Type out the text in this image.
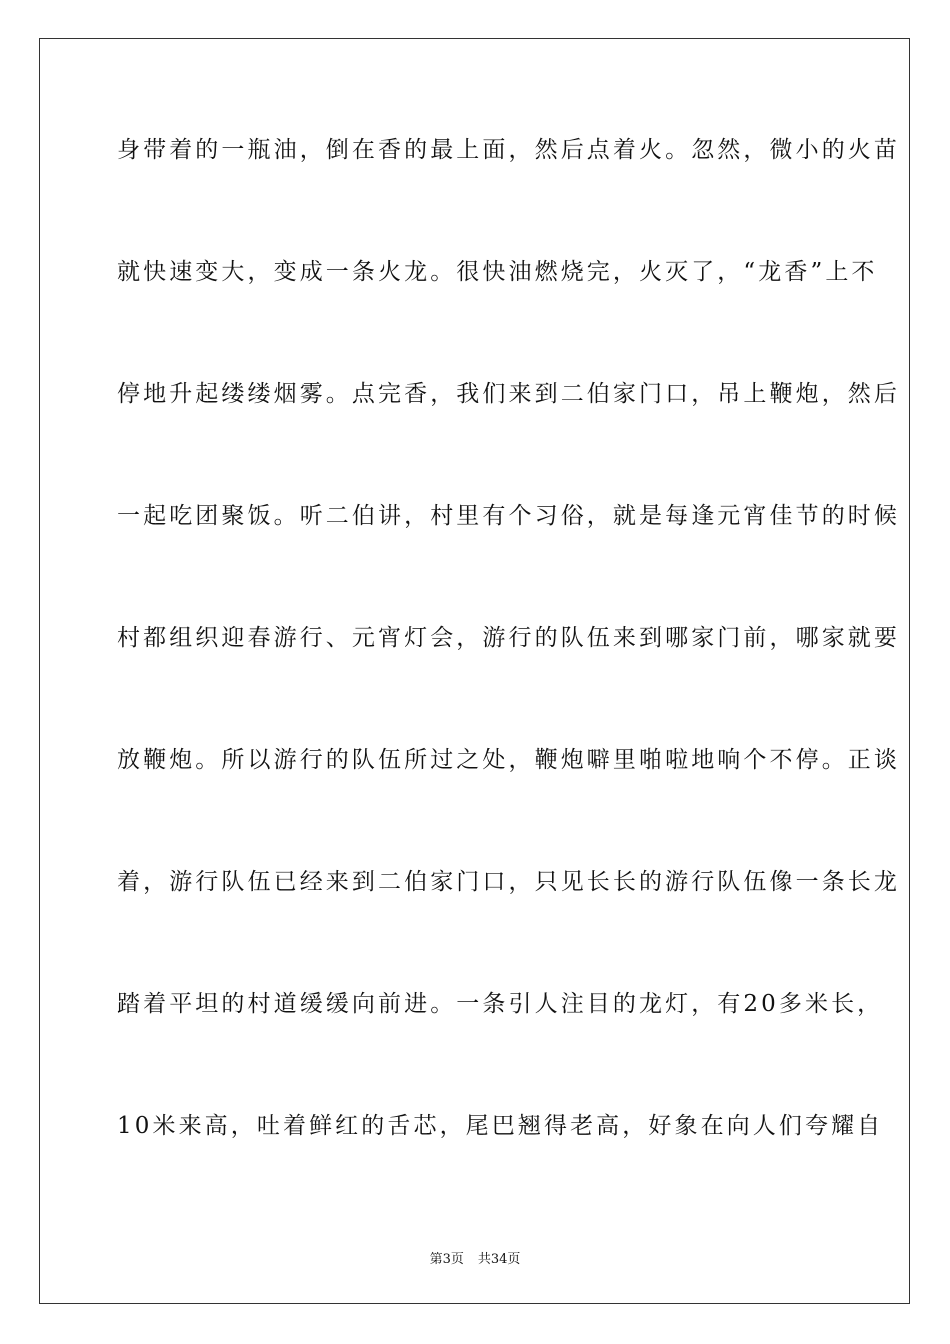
身带着的一瓶油，倒在香的最上面，然后点着火。忽然，微小的火苗
就快速变大，变成一条火龙。很快油燃烧完，火灭了，“龙香”上不
停地升起缕缕烟雾。点完香，我们来到二伯家门口，吊上鞭炮，然后
一起吃团聚饭。听二伯讲，村里有个习俗，就是每逢元宵佳节的时候
村都组织迎春游行、元宵灯会，游行的队伍来到哪家门前，哪家就要
放鞭炮。所以游行的队伍所过之处，鞭炮噼里啪啦地响个不停。正谈
着，游行队伍已经来到二伯家门口，只见长长的游行队伍像一条长龙
踏着平坦的村道缓缓向前进。一条引人注目的龙灯，有20多米长，
10米来高，吐着鲜红的舌芯，尾巴翘得老高，好象在向人们夸耀自
第3页 共34页
